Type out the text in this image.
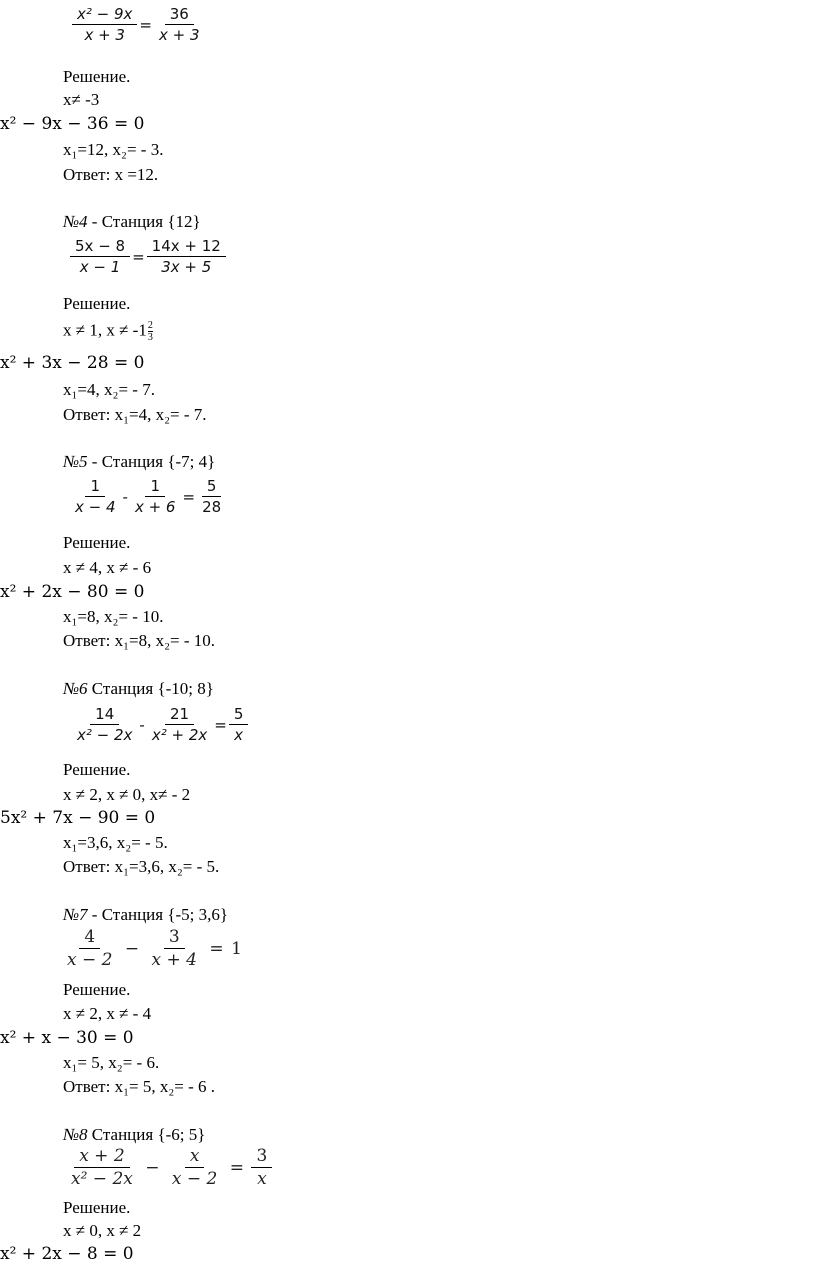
$\frac{\text{x² − 9x}}{x + 3} = \frac{36}{x + 3}$
Решение.
x≠ -3
x² − 9x − 36 = 0
x₁=12, x₂= - 3.
Ответ: x =12.
№4 - Станция {12}
$\frac{5x - 8}{x - 1} = \frac{14x + 12}{3x + 5}$
Решение.
x ≠ 1, $x \ne -1 \frac{2}{3}$
x² + 3x − 28 = 0
x₁=4, x₂= - 7.
Ответ: x₁=4, x₂= - 7.
№5 - Станция {-7; 4}
$\frac{1}{x - 4} - \frac{1}{x + 6} = \frac{5}{28}$
Решение.
x ≠ 4, x ≠ - 6
x² + 2x − 80 = 0
x₁=8, x₂= - 10.
Ответ: x₁=8, x₂= - 10.
№6 Станция {-10; 8}
$\frac{14}{\text{x² − 2x}} - \frac{21}{\text{x² + 2x}} = \frac{5}{x}$
Решение.
x ≠ 2, x ≠ 0, x≠ - 2
5x² + 7x − 90 = 0
x₁=3,6, x₂= - 5.
Ответ: x₁=3,6, x₂= - 5.
№7 - Станция {-5; 3,6}
$\frac{4}{x - 2} - \frac{3}{x + 4} = 1$
Решение.
x ≠ 2, x ≠ - 4
x² + x − 30 = 0
x₁= 5, x₂= - 6.
Ответ: x₁= 5, x₂= - 6 .
№8 Станция {-6; 5}
$\frac{x + 2}{\text{x² − 2x}} - \frac{x}{x - 2} = \frac{3}{x}$
Решение.
x ≠ 0, x ≠ 2
x² + 2x − 8 = 0
